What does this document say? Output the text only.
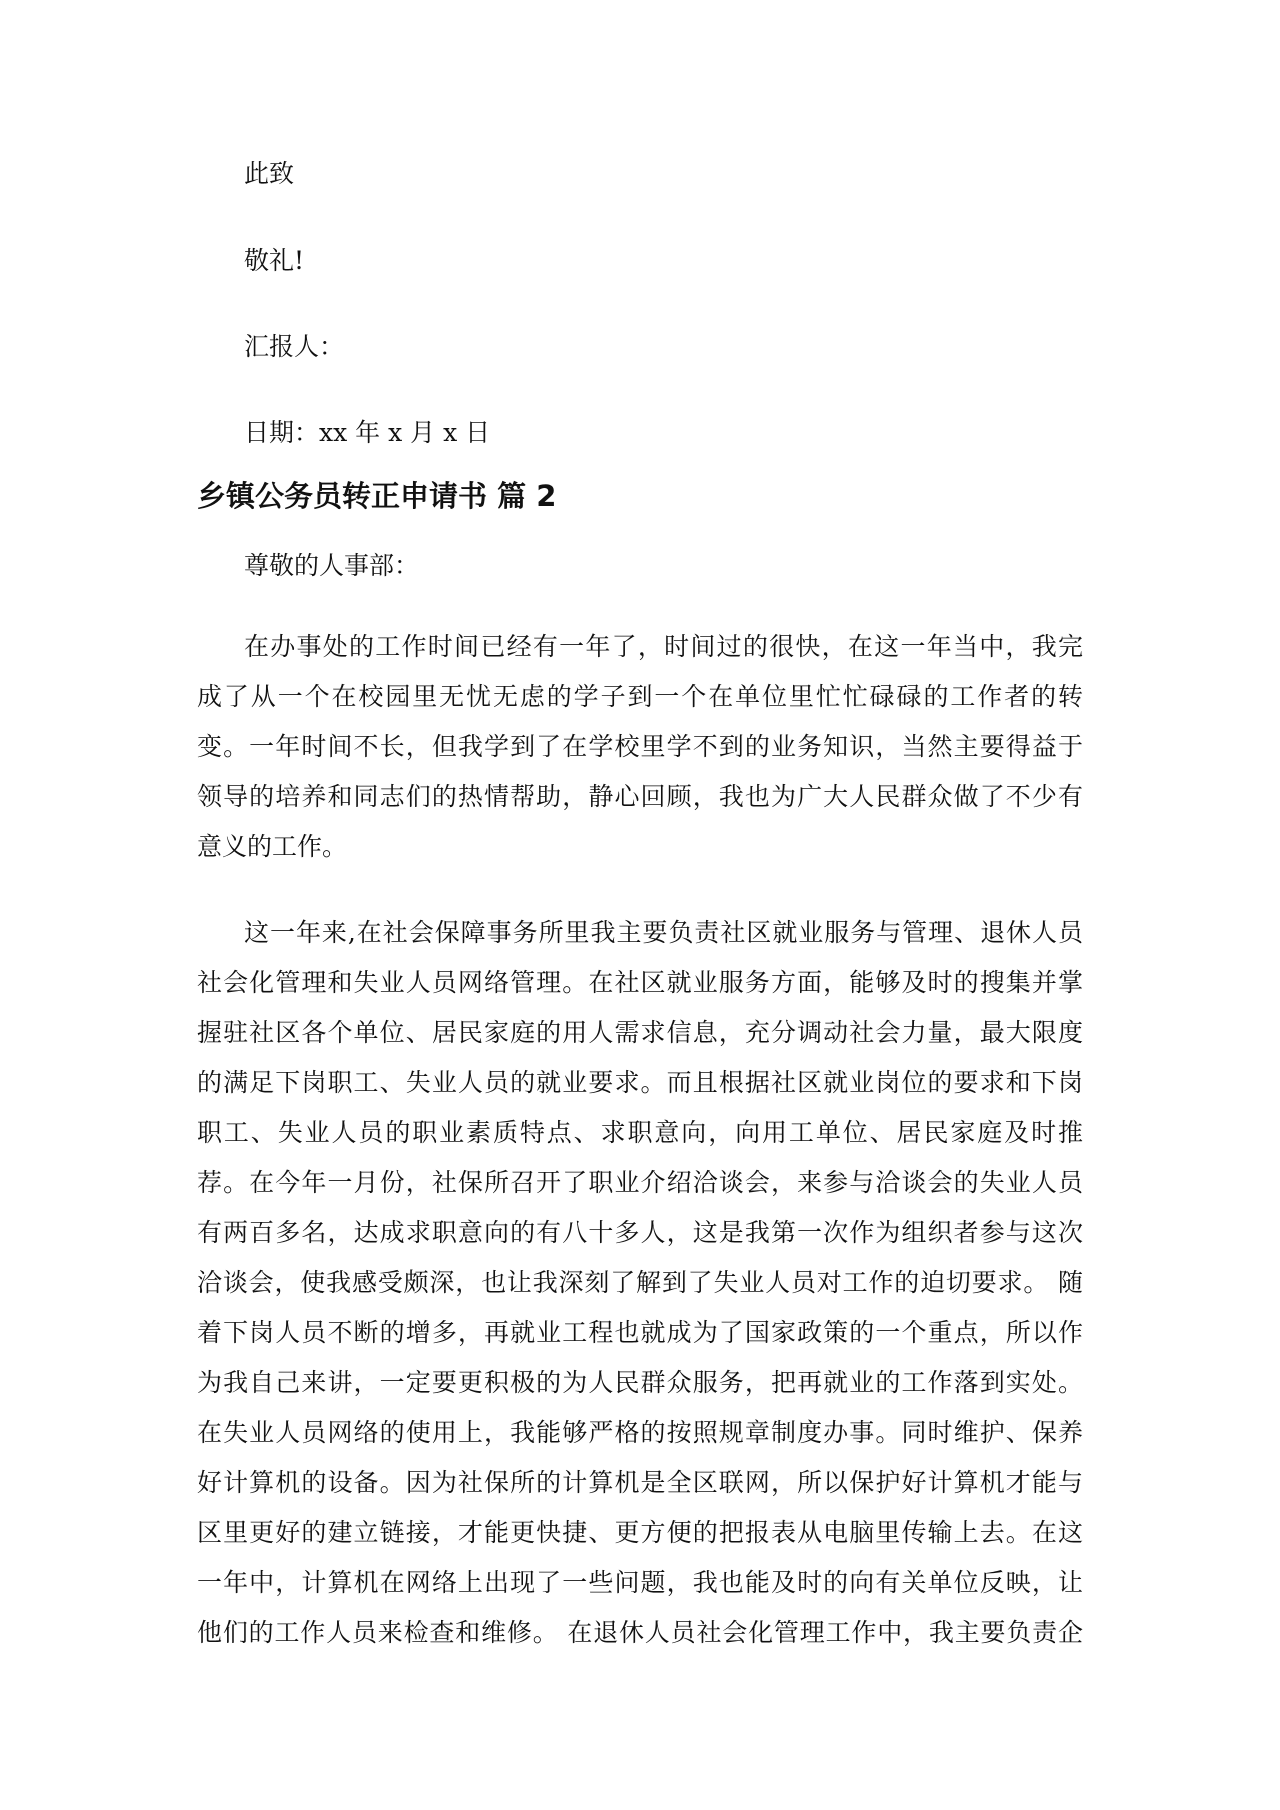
此致

敬礼!

汇报人：

日期：xx 年 x 月 x 日

乡镇公务员转正申请书 篇 2

尊敬的人事部：

在办事处的工作时间已经有一年了，时间过的很快，在这一年当中，我完
成了从一个在校园里无忧无虑的学子到一个在单位里忙忙碌碌的工作者的转
变。一年时间不长，但我学到了在学校里学不到的业务知识，当然主要得益于
领导的培养和同志们的热情帮助，静心回顾，我也为广大人民群众做了不少有
意义的工作。
这一年来,在社会保障事务所里我主要负责社区就业服务与管理、退休人员
社会化管理和失业人员网络管理。在社区就业服务方面，能够及时的搜集并掌
握驻社区各个单位、居民家庭的用人需求信息，充分调动社会力量，最大限度
的满足下岗职工、失业人员的就业要求。而且根据社区就业岗位的要求和下岗
职工、失业人员的职业素质特点、求职意向，向用工单位、居民家庭及时推
荐。在今年一月份，社保所召开了职业介绍洽谈会，来参与洽谈会的失业人员
有两百多名，达成求职意向的有八十多人，这是我第一次作为组织者参与这次
洽谈会，使我感受颇深，也让我深刻了解到了失业人员对工作的迫切要求。 随
着下岗人员不断的增多，再就业工程也就成为了国家政策的一个重点，所以作
为我自己来讲，一定要更积极的为人民群众服务，把再就业的工作落到实处。
在失业人员网络的使用上，我能够严格的按照规章制度办事。同时维护、保养
好计算机的设备。因为社保所的计算机是全区联网，所以保护好计算机才能与
区里更好的建立链接，才能更快捷、更方便的把报表从电脑里传输上去。在这
一年中，计算机在网络上出现了一些问题，我也能及时的向有关单位反映，让
他们的工作人员来检查和维修。 在退休人员社会化管理工作中，我主要负责企
